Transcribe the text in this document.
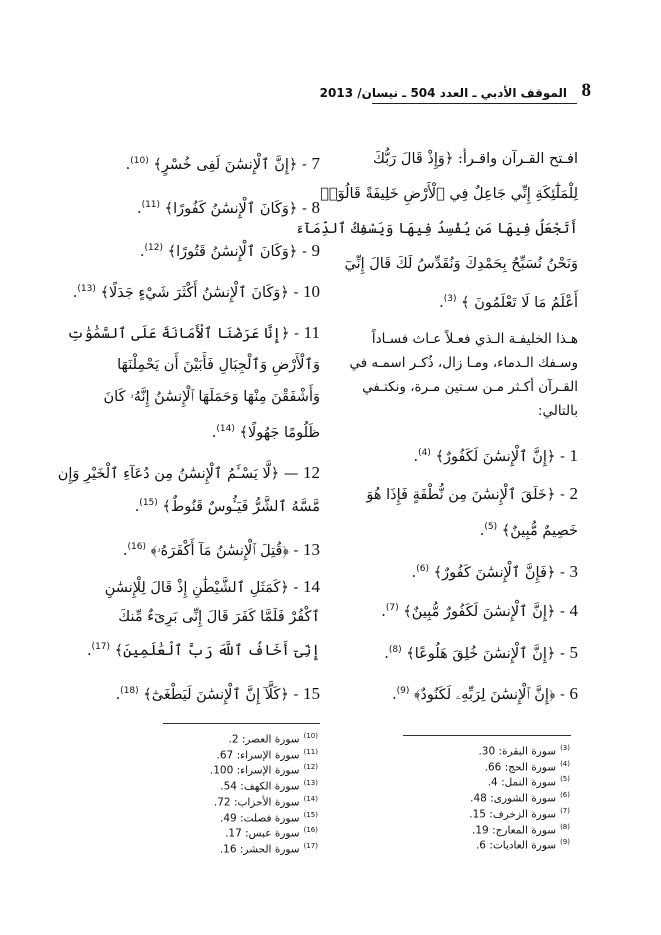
8
الموقف الأدبي ـ العدد 504 ـ نيسان/ 2013
افـتح القـرآن واقـرأ: ﴿وَإِذْ قَالَ رَبُّكَ
لِلْمَلَٰٓئِكَةِ إِنِّي جَاعِلٌ فِي ٱلْأَرْضِ خَلِيفَةً قَالُوٓا۟
أَتَجْعَلُ فِيهَا مَن يُفْسِدُ فِيهَا وَيَسْفِكُ ٱلدِّمَآءَ
وَنَحْنُ نُسَبِّحُ بِحَمْدِكَ وَنُقَدِّسُ لَكَ قَالَ إِنِّيٓ
أَعْلَمُ مَا لَا تَعْلَمُونَ ﴾ $^{(3)}$.
هـذا الخليفـة الـذي فعـلاً عـاث فسـاداً
وسـفك الـدماء، ومـا زال، ذُكـر اسمـه في
القـرآن أكـثر مـن سـتين مـرة، ونكتـفي
بالتالي:
1 - ﴿إِنَّ ٱلْإِنسَٰنَ لَكَفُورٌ﴾ $^{(4)}$.
2 - ﴿خَلَقَ ٱلْإِنسَٰنَ مِن نُّطْفَةٍ فَإِذَا هُوَ
خَصِيمٌ مُّبِينٌ﴾ $^{(5)}$.
3 - ﴿فَإِنَّ ٱلْإِنسَٰنَ كَفُورٌ﴾ $^{(6)}$.
4 - ﴿إِنَّ ٱلْإِنسَٰنَ لَكَفُورٌ مُّبِينٌ﴾ $^{(7)}$.
5 - ﴿إِنَّ ٱلْإِنسَٰنَ خُلِقَ هَلُوعًا﴾ $^{(8)}$.
6 - ﴿إِنَّ ٱلْإِنسَٰنَ لِرَبِّهِۦ لَكَنُودٌ﴾ $^{(9)}$.
7 - ﴿إِنَّ ٱلْإِنسَٰنَ لَفِى خُسْرٍ﴾ $^{(10)}$.
8 - ﴿وَكَانَ ٱلْإِنسَٰنُ كَفُورًا﴾ $^{(11)}$.
9 - ﴿وَكَانَ ٱلْإِنسَٰنُ قَتُورًا﴾ $^{(12)}$.
10 - ﴿وَكَانَ ٱلْإِنسَٰنُ أَكْثَرَ شَيْءٍ جَدَلًا﴾ $^{(13)}$.
11 - ﴿إِنَّا عَرَضْنَا ٱلْأَمَانَةَ عَلَى ٱلسَّمَٰوَٰتِ
وَٱلْأَرْضِ وَٱلْجِبَالِ فَأَبَيْنَ أَن يَحْمِلْنَهَا
وَأَشْفَقْنَ مِنْهَا وَحَمَلَهَا ٱلْإِنسَٰنُ إِنَّهُۥ كَانَ
ظَلُومًا جَهُولًا﴾ $^{(14)}$.
12 — ﴿لَّا يَسْـَٔمُ ٱلْإِنسَٰنُ مِن دُعَآءِ ٱلْخَيْرِ وَإِن
مَّسَّهُ ٱلشَّرُّ فَيَـُٔوسٌ قَنُوطٌ﴾ $^{(15)}$.
13 - ﴿قُتِلَ ٱلْإِنسَٰنُ مَآ أَكْفَرَهُۥ﴾ $^{(16)}$.
14 - ﴿كَمَثَلِ ٱلشَّيْطَٰنِ إِذْ قَالَ لِلْإِنسَٰنِ
ٱكْفُرْ فَلَمَّا كَفَرَ قَالَ إِنِّى بَرِىٓءٌ مِّنكَ
إِنِّىٓ أَخَافُ ٱللَّهَ رَبَّ ٱلْعَٰلَمِينَ﴾ $^{(17)}$.
15 - ﴿كَلَّآ إِنَّ ٱلْإِنسَٰنَ لَيَطْغَىٰٓ﴾ $^{(18)}$.
$^{(3)}$سورة البقرة: 30.
$^{(4)}$سورة الحج: 66.
$^{(5)}$سورة النمل: 4.
$^{(6)}$سورة الشورى: 48.
$^{(7)}$سورة الزخرف: 15.
$^{(8)}$سورة المعارج: 19.
$^{(9)}$سورة العاديات: 6.
$^{(10)}$سورة العصر: 2.
$^{(11)}$سورة الإسراء: 67.
$^{(12)}$سورة الإسراء: 100.
$^{(13)}$سورة الكهف: 54.
$^{(14)}$سورة الأحزاب: 72.
$^{(15)}$سورة فصلت: 49.
$^{(16)}$سورة عبس: 17.
$^{(17)}$سورة الحشر: 16.
